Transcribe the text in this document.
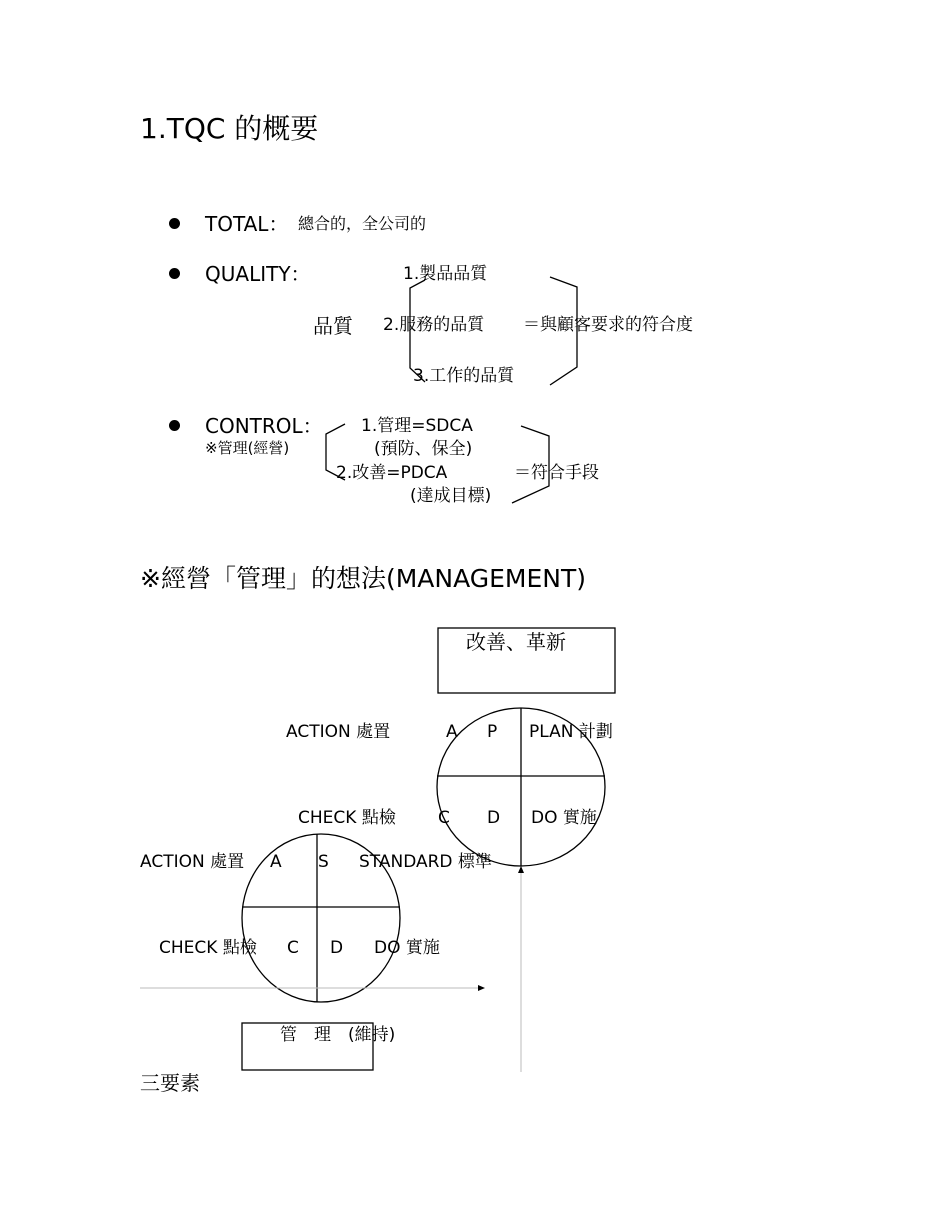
1.TQC 的概要
TOTAL： 總合的，全公司的
QUALITY：	1.製品品質
品質 2.服務的品質 ＝與顧客要求的符合度
3.工作的品質
CONTROL：
※管理(經營)
1.管理=SDCA
(預防、保全)
2.改善=PDCA	＝符合手段
(達成目標)
※經營「管理」的想法(MANAGEMENT)
改善、革新
ACTION 處置	A P PLAN 計劃
CHECK 點檢 C D DO 實施
ACTION 處置 A S STANDARD 標準
CHECK 點檢 C D DO 實施
管　理　(維持)
三要素
